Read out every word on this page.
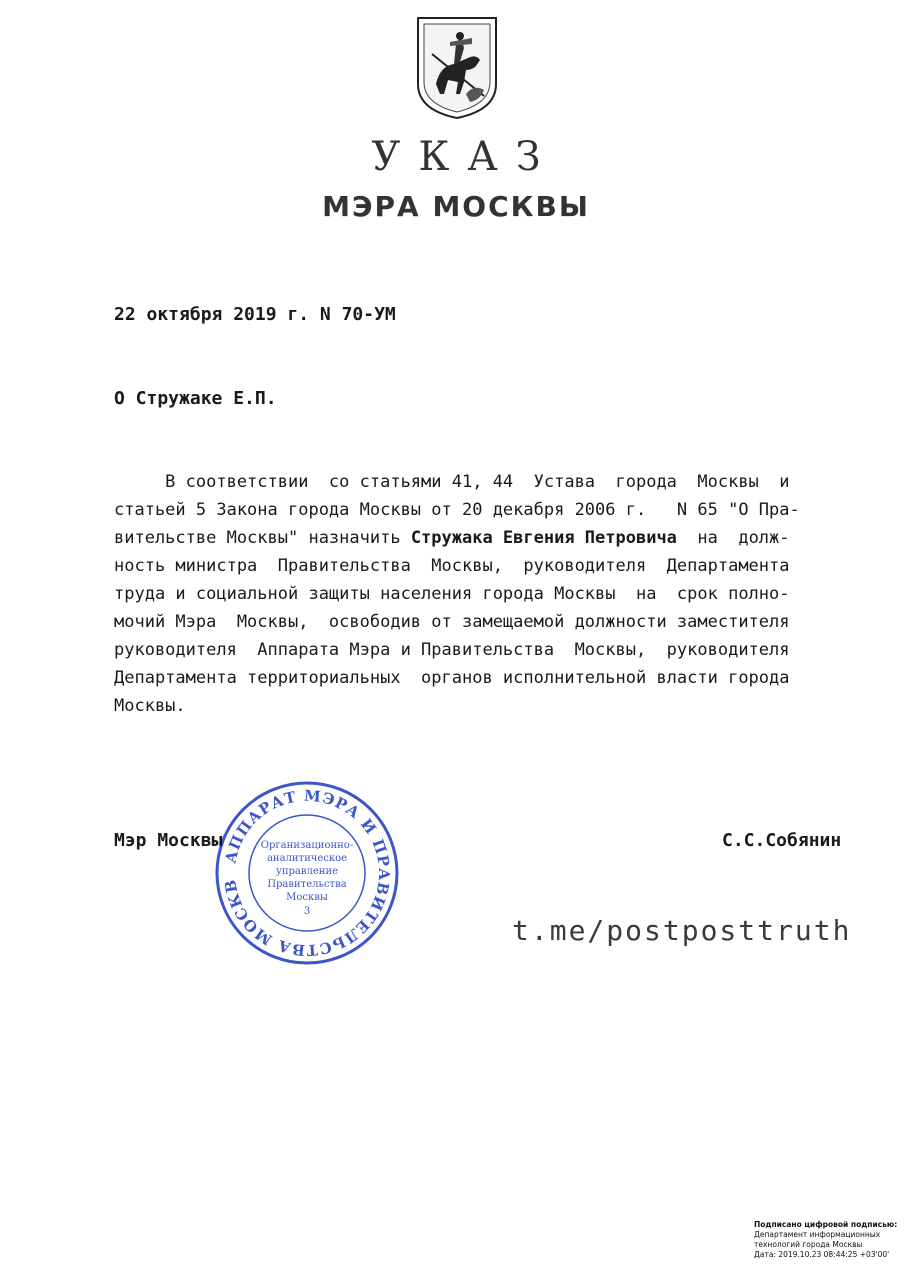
УКАЗ
МЭРА МОСКВЫ
22 октября 2019 г. N 70-УМ
О Стружаке Е.П.
В соответствии  со статьями 41, 44  Устава  города  Москвы  и
статьей 5 Закона города Москвы от 20 декабря 2006 г.   N 65 "О Пра-
вительстве Москвы" назначить Стружака Евгения Петровича  на  долж-
ность министра  Правительства  Москвы,  руководителя  Департамента
труда и социальной защиты населения города Москвы  на  срок полно-
мочий Мэра  Москвы,  освободив от замещаемой должности заместителя
руководителя  Аппарата Мэра и Правительства  Москвы,  руководителя
Департамента территориальных  органов исполнительной власти города
Москвы.
АППАРАТ МЭРА И ПРАВИТЕЛЬСТВА МОСКВ
Организационно-
аналитическое
управление
Правительства
Москвы
3
Мэр Москвы	С.С.Собянин
t.me/postposttruth
Подписано цифровой подписью:
Департамент информационных
технологий города Москвы
Дата: 2019.10.23 08:44:25 +03'00'
